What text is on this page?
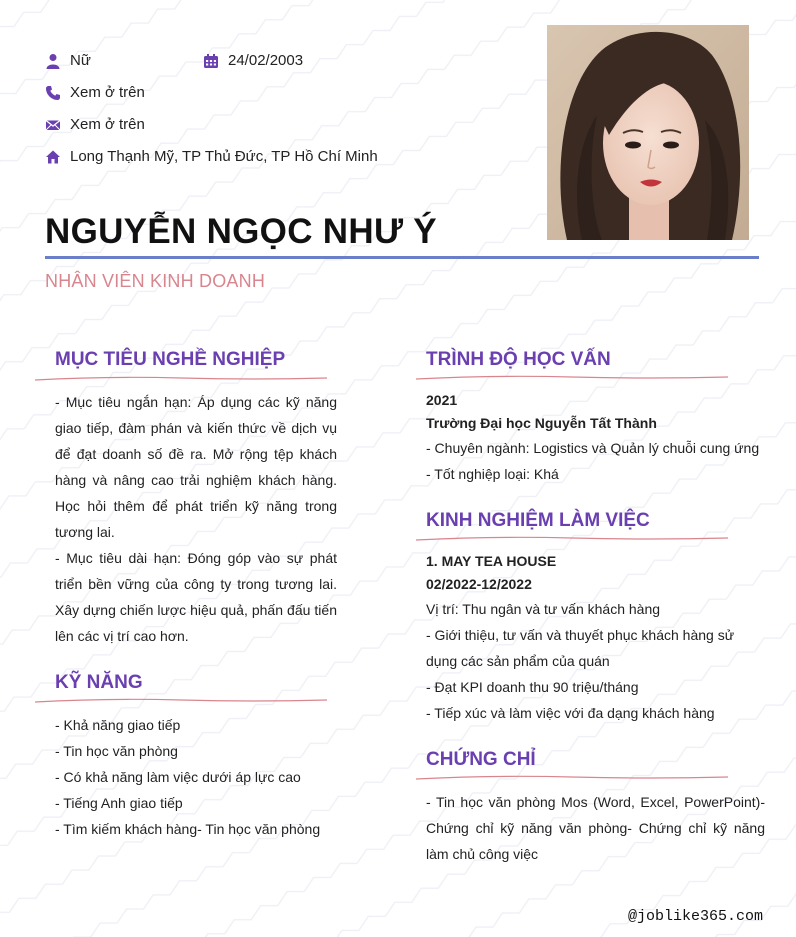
Nữ	24/02/2003
Xem ở trên
Xem ở trên
Long Thạnh Mỹ, TP Thủ Đức, TP Hồ Chí Minh
NGUYỄN NGỌC NHƯ Ý
NHÂN VIÊN KINH DOANH
MỤC TIÊU NGHỀ NGHIỆP
- Mục tiêu ngắn hạn: Áp dụng các kỹ năng giao tiếp, đàm phán và kiến thức về dịch vụ để đạt doanh số đề ra. Mở rộng tệp khách hàng và nâng cao trải nghiệm khách hàng. Học hỏi thêm để phát triển kỹ năng trong tương lai.
- Mục tiêu dài hạn: Đóng góp vào sự phát triển bền vững của công ty trong tương lai. Xây dựng chiến lược hiệu quả, phấn đấu tiến lên các vị trí cao hơn.
KỸ NĂNG
- Khả năng giao tiếp
- Tin học văn phòng
- Có khả năng làm việc dưới áp lực cao
- Tiếng Anh giao tiếp
- Tìm kiếm khách hàng- Tin học văn phòng
TRÌNH ĐỘ HỌC VẤN
2021
Trường Đại học Nguyễn Tất Thành
- Chuyên ngành: Logistics và Quản lý chuỗi cung ứng
- Tốt nghiệp loại: Khá
KINH NGHIỆM LÀM VIỆC
1. MAY TEA HOUSE
02/2022-12/2022
Vị trí: Thu ngân và tư vấn khách hàng
- Giới thiệu, tư vấn và thuyết phục khách hàng sử dụng các sản phẩm của quán
- Đạt KPI doanh thu 90 triệu/tháng
- Tiếp xúc và làm việc với đa dạng khách hàng
CHỨNG CHỈ
- Tin học văn phòng Mos (Word, Excel, PowerPoint)- Chứng chỉ kỹ năng văn phòng- Chứng chỉ kỹ năng làm chủ công việc
@joblike365.com
